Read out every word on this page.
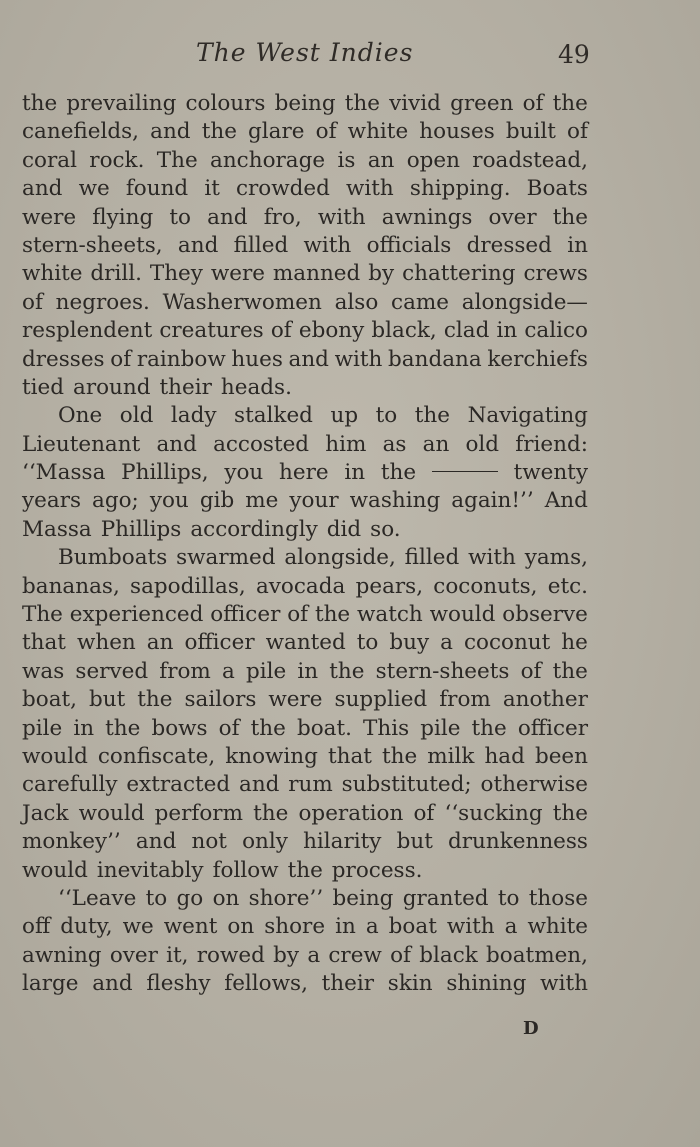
The West Indies	49
the prevailing colours being the vivid green of the
canefields, and the glare of white houses built of
coral rock. The anchorage is an open roadstead,
and we found it crowded with shipping. Boats
were flying to and fro, with awnings over the
stern-sheets, and filled with officials dressed in
white drill. They were manned by chattering crews
of negroes. Washerwomen also came alongside—
resplendent creatures of ebony black, clad in calico
dresses of rainbow hues and with bandana kerchiefs
tied around their heads.
One old lady stalked up to the Navigating
Lieutenant and accosted him as an old friend:
‘‘Massa Phillips, you here in the	twenty
years ago; you gib me your washing again!’’ And
Massa Phillips accordingly did so.
Bumboats swarmed alongside, filled with yams,
bananas, sapodillas, avocada pears, coconuts, etc.
The experienced officer of the watch would observe
that when an officer wanted to buy a coconut he
was served from a pile in the stern-sheets of the
boat, but the sailors were supplied from another
pile in the bows of the boat. This pile the officer
would confiscate, knowing that the milk had been
carefully extracted and rum substituted; otherwise
Jack would perform the operation of ‘‘sucking the
monkey’’ and not only hilarity but drunkenness
would inevitably follow the process.
‘‘Leave to go on shore’’ being granted to those
off duty, we went on shore in a boat with a white
awning over it, rowed by a crew of black boatmen,
large and fleshy fellows, their skin shining with
D
